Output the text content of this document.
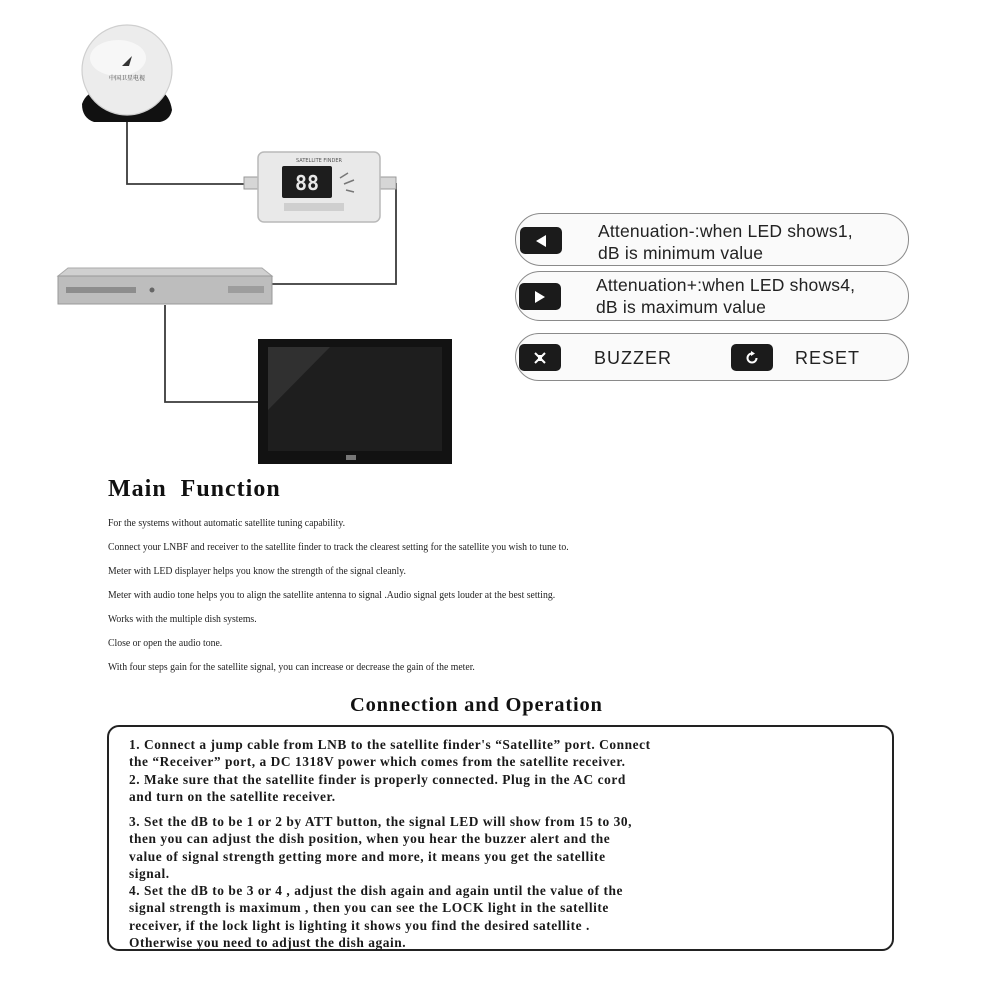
中国卫星电视
SATELLITE FINDER
88
Attenuation-:when LED shows1,
dB is minimum value
Attenuation+:when LED shows4,
dB is maximum value
BUZZER	RESET
Main  Function
For the systems without automatic satellite tuning capability.
Connect your LNBF and receiver to the satellite finder to track the clearest setting for the satellite you wish to tune to.
Meter with LED displayer helps you know the strength of the signal cleanly.
Meter with audio tone helps you to align the satellite antenna to signal .Audio signal gets louder at the best setting.
Works with the multiple dish systems.
Close or open the audio tone.
With four steps gain for the satellite signal, you can increase or decrease the gain of the meter.
Connection and Operation
1. Connect a jump cable from LNB to the satellite finder's “Satellite” port. Connect
the “Receiver” port, a DC 1318V power which comes from the satellite receiver.
2. Make sure that the satellite finder is properly connected. Plug in the AC cord
and turn on the satellite receiver.
3. Set the dB to be 1 or 2 by ATT button, the signal LED will show from 15 to 30,
then you can adjust the dish position, when you hear the buzzer alert and the
value of signal strength getting more and more, it means you get the satellite
signal.
4. Set the dB to be 3 or 4 , adjust the dish again and again until the value of the
signal strength is maximum , then you can see the LOCK light in the satellite
receiver, if the lock light is lighting it shows you find the desired satellite .
Otherwise you need to adjust the dish again.
